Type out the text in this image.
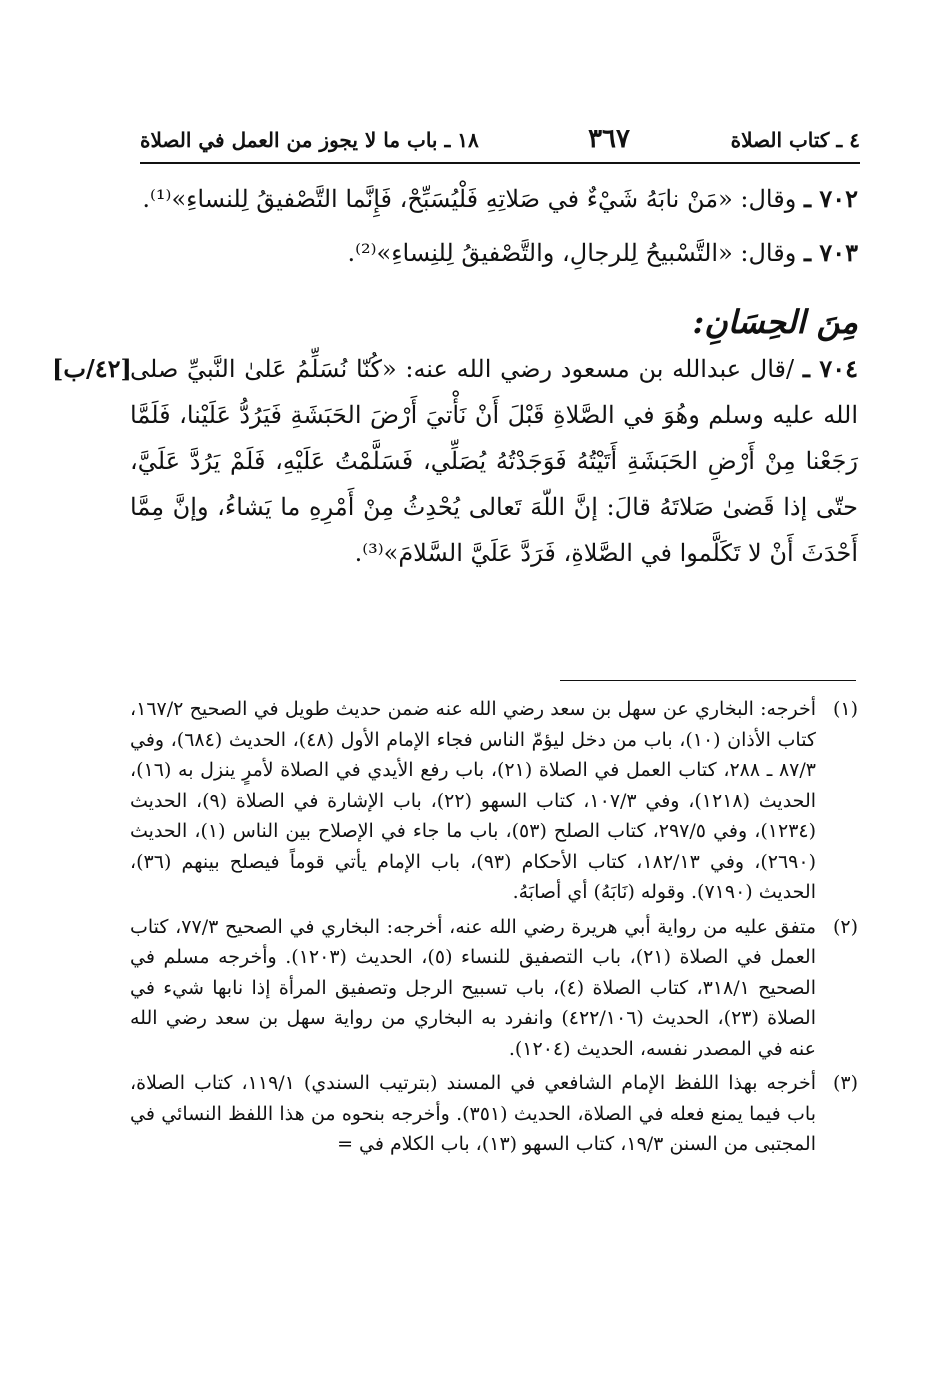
٤ ـ كتاب الصلاة
٣٦٧
١٨ ـ باب ما لا يجوز من العمل في الصلاة

٧٠٢ ـ وقال: «مَنْ نابَهُ شَيْءٌ في صَلاتِهِ فَلْيُسَبِّحْ، فَإِنَّما التَّصْفيقُ لِلنساءِ»⁽¹⁾.

٧٠٣ ـ وقال: «التَّسْبيحُ لِلرجالِ، والتَّصْفيقُ لِلنِساءِ»⁽²⁾.

مِنَ الحِسَانِ:

٧٠٤ ـ /قال عبدالله بن مسعود رضي الله عنه: «كُنّا نُسَلِّمُ عَلىٰ النَّبيِّ صلى الله عليه وسلم وهُوَ في الصَّلاةِ قَبْلَ أَنْ نَأْتيَ أَرْضَ الحَبَشَةِ فَيَرُدُّ عَلَيْنا، فَلَمَّا رَجَعْنا مِنْ أَرْضِ الحَبَشَةِ أَتَيْتُهُ فَوَجَدْتُهُ يُصَلِّي، فَسَلَّمْتُ عَلَيْهِ، فَلَمْ يَرُدَّ عَلَيَّ، حتّى إذا قَضىٰ صَلاتَهُ قالَ: إنَّ اللّهَ تَعالى يُحْدِثُ مِنْ أَمْرِهِ ما يَشاءُ، وإنَّ مِمَّا أَحْدَثَ أَنْ لا تَكَلَّموا في الصَّلاةِ، فَرَدَّ عَلَيَّ السَّلامَ»⁽³⁾.
[٤٢/ب]

(١)
أخرجه: البخاري عن سهل بن سعد رضي الله عنه ضمن حديث طويل في الصحيح ١٦٧/٢، كتاب الأذان (١٠)، باب من دخل ليؤمّ الناس فجاء الإمام الأول (٤٨)، الحديث (٦٨٤)، وفي ٨٧/٣ ـ ٢٨٨، كتاب العمل في الصلاة (٢١)، باب رفع الأيدي في الصلاة لأمرٍ ينزل به (١٦)، الحديث (١٢١٨)، وفي ١٠٧/٣، كتاب السهو (٢٢)، باب الإشارة في الصلاة (٩)، الحديث (١٢٣٤)، وفي ٢٩٧/٥، كتاب الصلح (٥٣)، باب ما جاء في الإصلاح بين الناس (١)، الحديث (٢٦٩٠)، وفي ١٨٢/١٣، كتاب الأحكام (٩٣)، باب الإمام يأتي قوماً فيصلح بينهم (٣٦)، الحديث (٧١٩٠). وقوله (نَابَهُ) أي أصابَهُ.
(٢)
متفق عليه من رواية أبي هريرة رضي الله عنه، أخرجه: البخاري في الصحيح ٧٧/٣، كتاب العمل في الصلاة (٢١)، باب التصفيق للنساء (٥)، الحديث (١٢٠٣). وأخرجه مسلم في الصحيح ٣١٨/١، كتاب الصلاة (٤)، باب تسبيح الرجل وتصفيق المرأة إذا نابها شيء في الصلاة (٢٣)، الحديث (٤٢٢/١٠٦) وانفرد به البخاري من رواية سهل بن سعد رضي الله عنه في المصدر نفسه، الحديث (١٢٠٤).
(٣)
أخرجه بهذا اللفظ الإمام الشافعي في المسند (بترتيب السندي) ١١٩/١، كتاب الصلاة، باب فيما يمنع فعله في الصلاة، الحديث (٣٥١). وأخرجه بنحوه من هذا اللفظ النسائي في المجتبى من السنن ١٩/٣، كتاب السهو (١٣)، باب الكلام في =
